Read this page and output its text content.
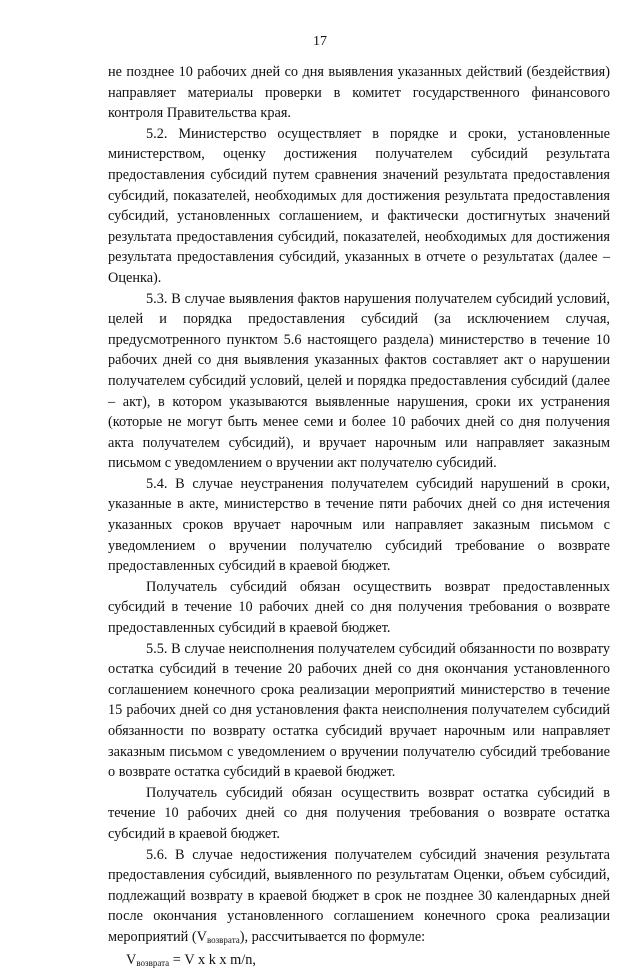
17

не позднее 10 рабочих дней со дня выявления указанных действий (бездействия) направляет материалы проверки в комитет государственного финансового контроля Правительства края.

5.2. Министерство осуществляет в порядке и сроки, установленные министерством, оценку достижения получателем субсидий результата предоставления субсидий путем сравнения значений результата предоставления субсидий, показателей, необходимых для достижения результата предоставления субсидий, установленных соглашением, и фактически достигнутых значений результата предоставления субсидий, показателей, необходимых для достижения результата предоставления субсидий, указанных в отчете о результатах (далее – Оценка).

5.3. В случае выявления фактов нарушения получателем субсидий условий, целей и порядка предоставления субсидий (за исключением случая, предусмотренного пунктом 5.6 настоящего раздела) министерство в течение 10 рабочих дней со дня выявления указанных фактов составляет акт о нарушении получателем субсидий условий, целей и порядка предоставления субсидий (далее – акт), в котором указываются выявленные нарушения, сроки их устранения (которые не могут быть менее семи и более 10 рабочих дней со дня получения акта получателем субсидий), и вручает нарочным или направляет заказным письмом с уведомлением о вручении акт получателю субсидий.

5.4. В случае неустранения получателем субсидий нарушений в сроки, указанные в акте, министерство в течение пяти рабочих дней со дня истечения указанных сроков вручает нарочным или направляет заказным письмом с уведомлением о вручении получателю субсидий требование о возврате предоставленных субсидий в краевой бюджет.

Получатель субсидий обязан осуществить возврат предоставленных субсидий в течение 10 рабочих дней со дня получения требования о возврате предоставленных субсидий в краевой бюджет.

5.5. В случае неисполнения получателем субсидий обязанности по возврату остатка субсидий в течение 20 рабочих дней со дня окончания установленного соглашением конечного срока реализации мероприятий министерство в течение 15 рабочих дней со дня установления факта неисполнения получателем субсидий обязанности по возврату остатка субсидий вручает нарочным или направляет заказным письмом с уведомлением о вручении получателю субсидий требование о возврате остатка субсидий в краевой бюджет.

Получатель субсидий обязан осуществить возврат остатка субсидий в течение 10 рабочих дней со дня получения требования о возврате остатка субсидий в краевой бюджет.

5.6. В случае недостижения получателем субсидий значения результата предоставления субсидий, выявленного по результатам Оценки, объем субсидий, подлежащий возврату в краевой бюджет в срок не позднее 30 календарных дней после окончания установленного соглашением конечного срока реализации мероприятий $(V_{возврата})$, рассчитывается по формуле:

$V_{возврата} = V$ x k x m/n,
